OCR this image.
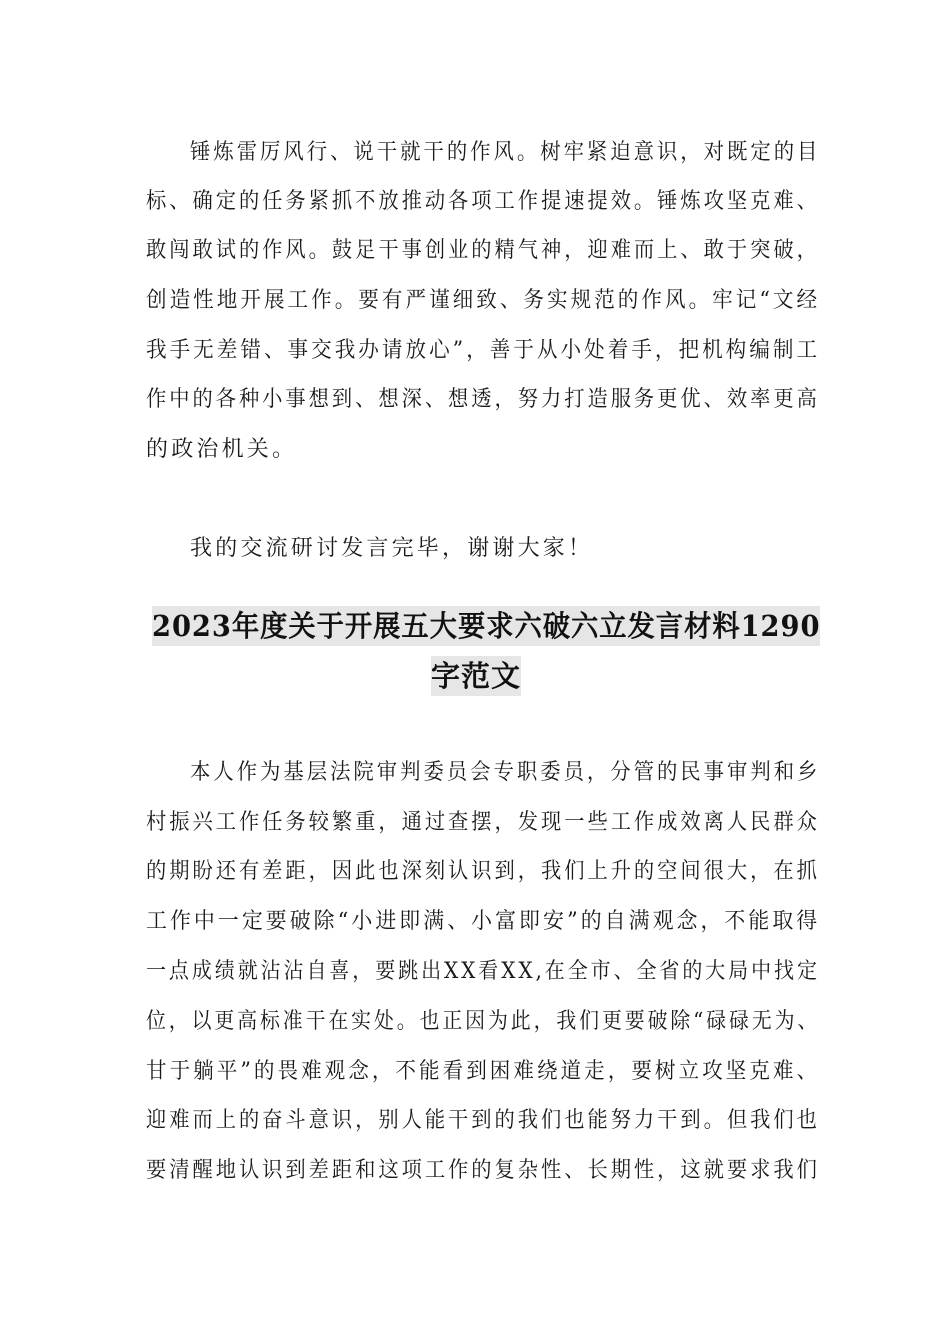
锤炼雷厉风行、说干就干的作风。树牢紧迫意识，对既定的目
标、确定的任务紧抓不放推动各项工作提速提效。锤炼攻坚克难、
敢闯敢试的作风。鼓足干事创业的精气神，迎难而上、敢于突破，
创造性地开展工作。要有严谨细致、务实规范的作风。牢记“文经
我手无差错、事交我办请放心”，善于从小处着手，把机构编制工
作中的各种小事想到、想深、想透，努力打造服务更优、效率更高
的政治机关。
我的交流研讨发言完毕，谢谢大家！
2023年度关于开展五大要求六破六立发言材料1290
字范文
本人作为基层法院审判委员会专职委员，分管的民事审判和乡
村振兴工作任务较繁重，通过查摆，发现一些工作成效离人民群众
的期盼还有差距，因此也深刻认识到，我们上升的空间很大，在抓
工作中一定要破除“小进即满、小富即安”的自满观念，不能取得
一点成绩就沾沾自喜，要跳出XX看XX,在全市、全省的大局中找定
位，以更高标准干在实处。也正因为此，我们更要破除“碌碌无为、
甘于躺平”的畏难观念，不能看到困难绕道走，要树立攻坚克难、
迎难而上的奋斗意识，别人能干到的我们也能努力干到。但我们也
要清醒地认识到差距和这项工作的复杂性、长期性，这就要求我们
